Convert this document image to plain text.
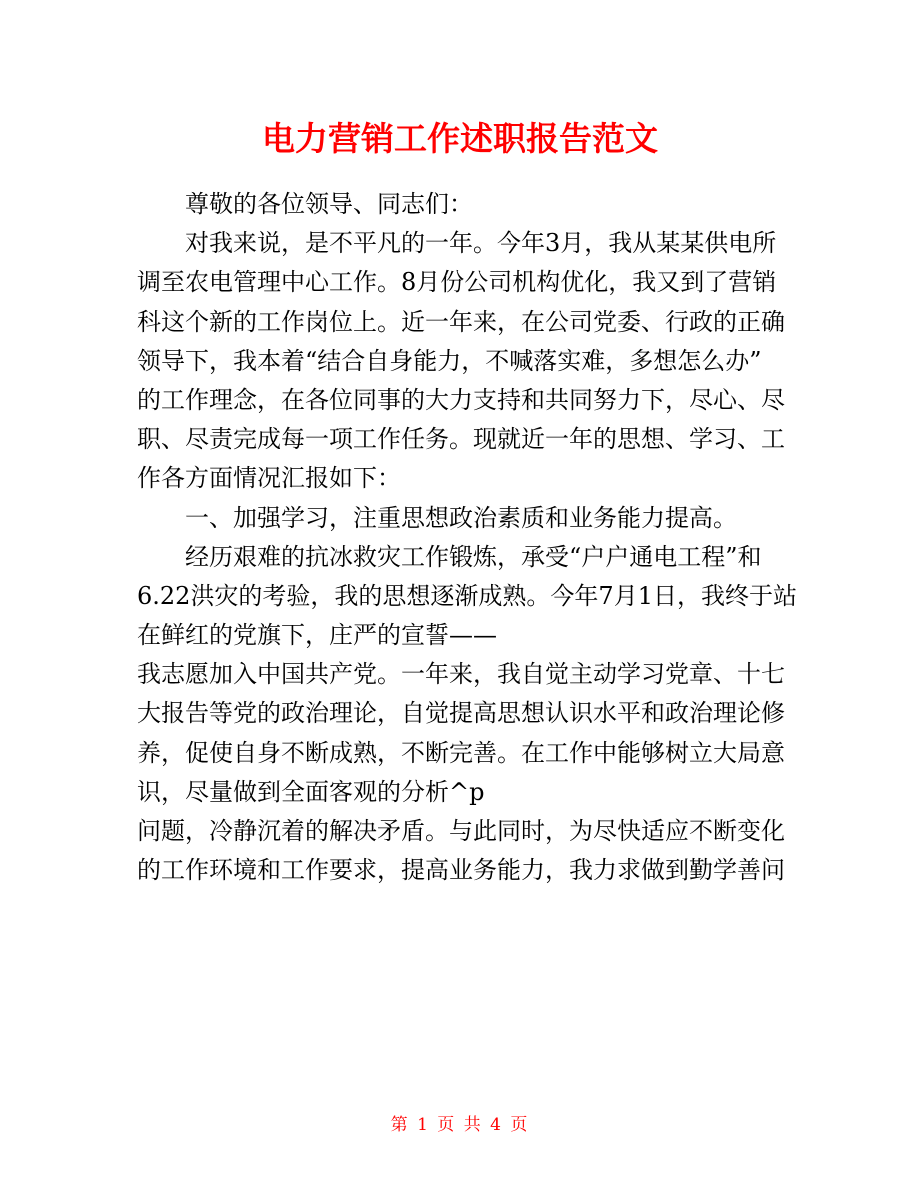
电力营销工作述职报告范文
尊敬的各位领导、同志们：
对我来说，是不平凡的一年。今年3月，我从某某供电所
调至农电管理中心工作。8月份公司机构优化，我又到了营销
科这个新的工作岗位上。近一年来，在公司党委、行政的正确
领导下，我本着“结合自身能力，不喊落实难，多想怎么办”
的工作理念，在各位同事的大力支持和共同努力下，尽心、尽
职、尽责完成每一项工作任务。现就近一年的思想、学习、工
作各方面情况汇报如下：
一、加强学习，注重思想政治素质和业务能力提高。
经历艰难的抗冰救灾工作锻炼，承受“户户通电工程”和
6.22洪灾的考验，我的思想逐渐成熟。今年7月1日，我终于站
在鲜红的党旗下，庄严的宣誓——
我志愿加入中国共产党。一年来，我自觉主动学习党章、十七
大报告等党的政治理论，自觉提高思想认识水平和政治理论修
养，促使自身不断成熟，不断完善。在工作中能够树立大局意
识，尽量做到全面客观的分析^p
问题，冷静沉着的解决矛盾。与此同时，为尽快适应不断变化
的工作环境和工作要求，提高业务能力，我力求做到勤学善问
第 1 页 共 4 页
